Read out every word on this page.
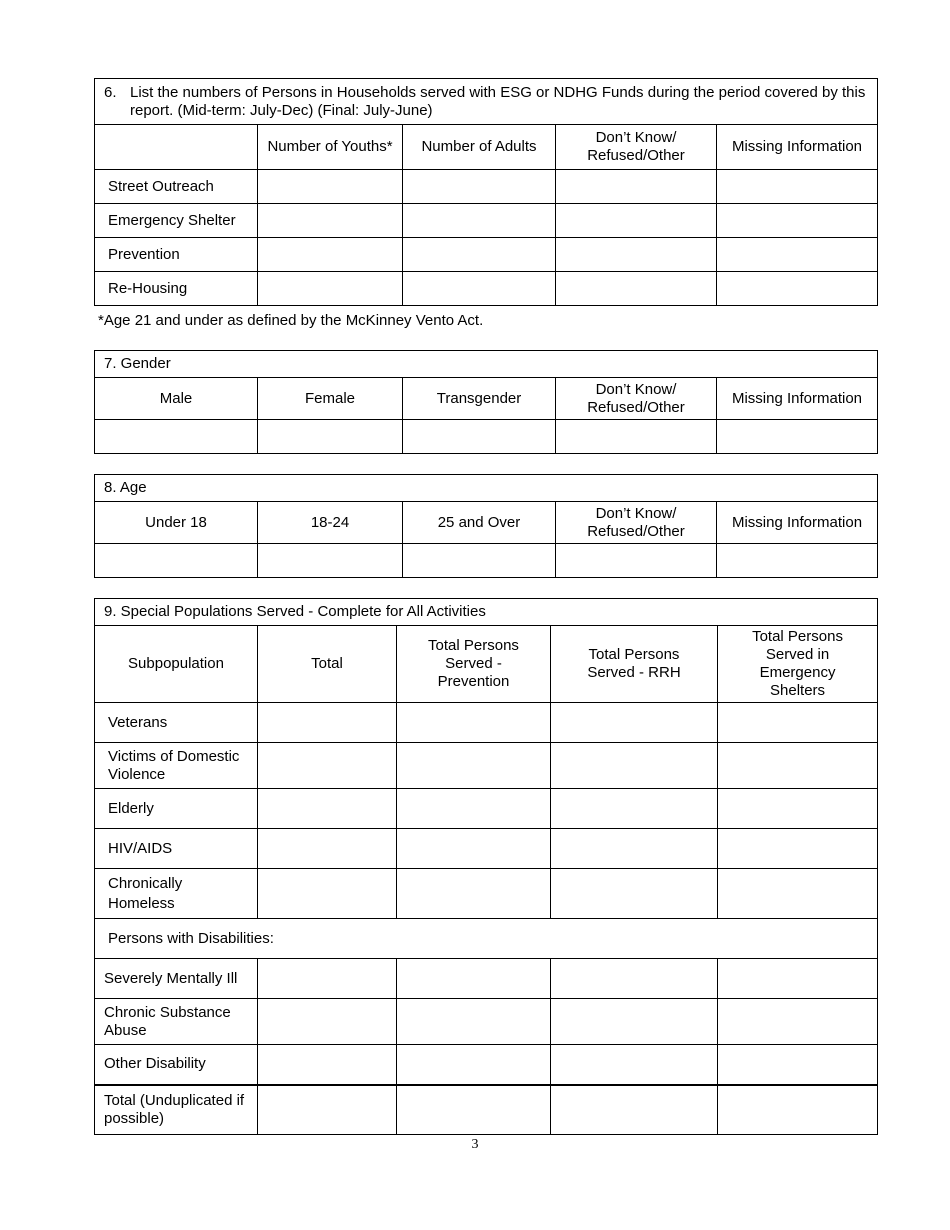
6. List the numbers of Persons in Households served with ESG or NDHG Funds during the period covered by this report. (Mid-term: July-Dec) (Final: July-June)				

	Number of Youths*	Number of Adults	Don’t Know/ Refused/Other	Missing Information
Street Outreach				
Emergency Shelter				
Prevention				
Re-Housing				
*Age 21 and under as defined by the McKinney Vento Act.
7. Gender				
Male	Female	Transgender	Don’t Know/ Refused/Other	Missing Information

8. Age				
Under 18	18-24	25 and Over	Don’t Know/ Refused/Other	Missing Information

9. Special Populations Served - Complete for All Activities				
Subpopulation	Total	Total Persons Served - Prevention	Total Persons Served - RRH	Total Persons Served in Emergency Shelters
Veterans				
Victims of Domestic Violence				
Elderly				
HIV/AIDS				
Chronically Homeless				
Persons with Disabilities:				
Severely Mentally Ill				
Chronic Substance Abuse				
Other Disability				
Total (Unduplicated if possible)				
3
